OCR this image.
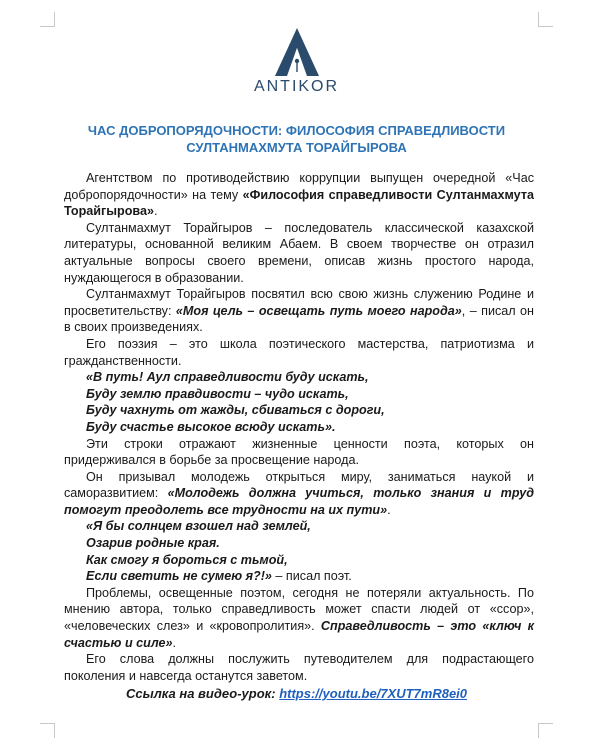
ANTIKOR
ЧАС ДОБРОПОРЯДОЧНОСТИ: ФИЛОСОФИЯ СПРАВЕДЛИВОСТИ
СУЛТАНМАХМУТА ТОРАЙГЫРОВА

Агентством по противодействию коррупции выпущен очередной «Час добропорядочности» на тему «Философия справедливости Султанмахмута Торайгырова».

Султанмахмут Торайгыров – последователь классической казахской литературы, основанной великим Абаем. В своем творчестве он отразил актуальные вопросы своего времени, описав жизнь простого народа, нуждающегося в образовании.

Султанмахмут Торайгыров посвятил всю свою жизнь служению Родине и просветительству: «Моя цель – освещать путь моего народа», – писал он в своих произведениях.

Его поэзия – это школа поэтического мастерства, патриотизма и гражданственности.

«В путь! Аул справедливости буду искать,
Буду землю правдивости – чудо искать,
Буду чахнуть от жажды, сбиваться с дороги,
Буду счастье высокое всюду искать».

Эти строки отражают жизненные ценности поэта, которых он придерживался в борьбе за просвещение народа.

Он призывал молодежь открыться миру, заниматься наукой и саморазвитием: «Молодежь должна учиться, только знания и труд помогут преодолеть все трудности на их пути».

«Я бы солнцем взошел над землей,
Озарив родные края.
Как смогу я бороться с тьмой,
Если светить не сумею я?!» – писал поэт.

Проблемы, освещенные поэтом, сегодня не потеряли актуальность. По мнению автора, только справедливость может спасти людей от «ссор», «человеческих слез» и «кровопролития». Справедливость – это «ключ к счастью и силе».

Его слова должны послужить путеводителем для подрастающего поколения и навсегда останутся заветом.

Ссылка на видео-урок: https://youtu.be/7XUT7mR8ei0
